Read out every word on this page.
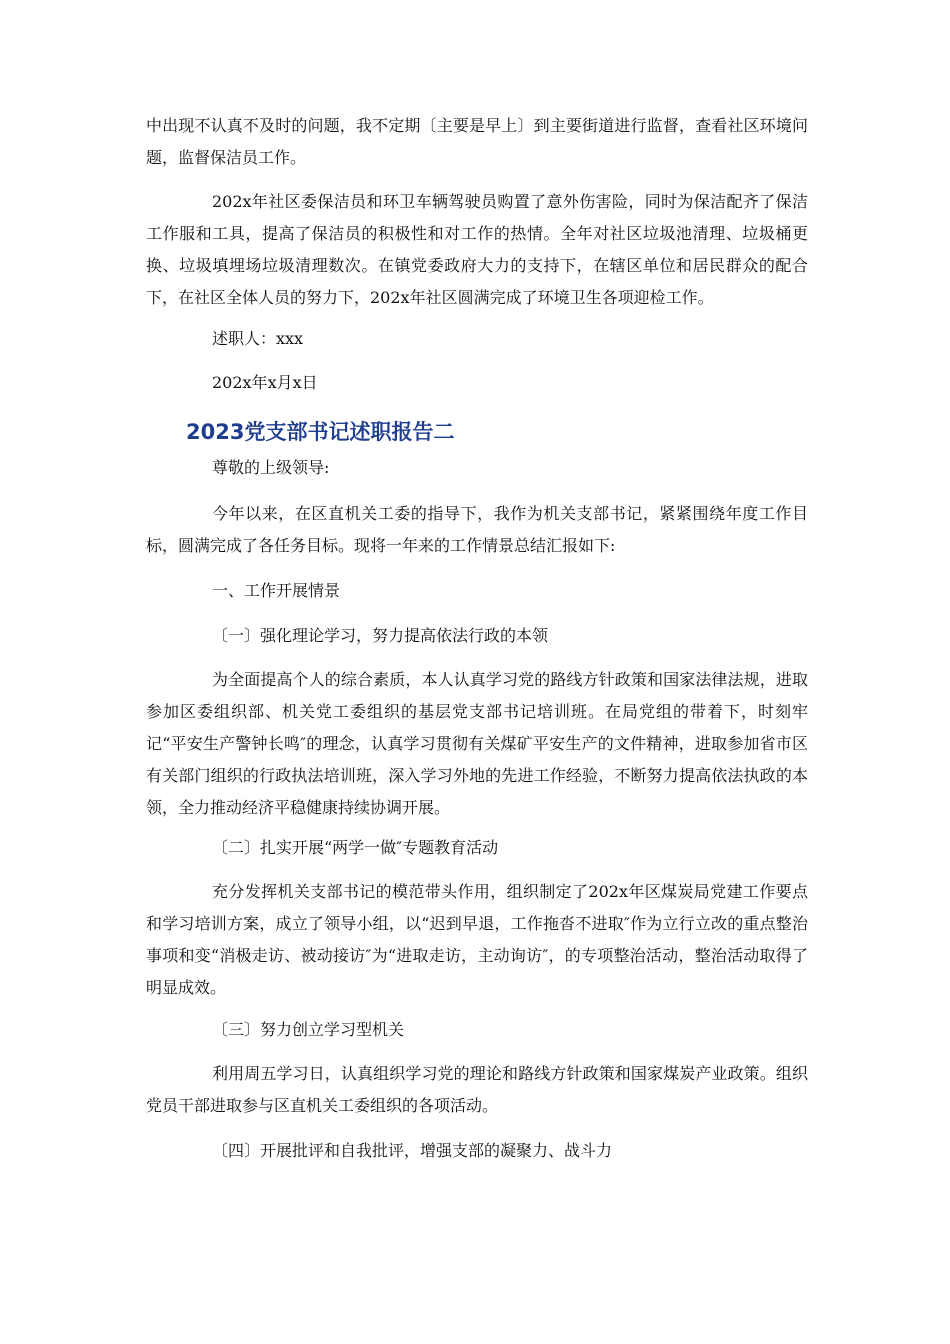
中出现不认真不及时的问题，我不定期〔主要是早上〕到主要街道进行监督，查看社区环境问题，监督保洁员工作。

202x年社区委保洁员和环卫车辆驾驶员购置了意外伤害险，同时为保洁配齐了保洁工作服和工具，提高了保洁员的积极性和对工作的热情。全年对社区垃圾池清理、垃圾桶更换、垃圾填埋场垃圾清理数次。在镇党委政府大力的支持下，在辖区单位和居民群众的配合下，在社区全体人员的努力下，202x年社区圆满完成了环境卫生各项迎检工作。

述职人：xxx

202x年x月x日

2023党支部书记述职报告二

尊敬的上级领导:

今年以来，在区直机关工委的指导下，我作为机关支部书记，紧紧围绕年度工作目标，圆满完成了各任务目标。现将一年来的工作情景总结汇报如下:

一、工作开展情景

〔一〕强化理论学习，努力提高依法行政的本领

为全面提高个人的综合素质，本人认真学习党的路线方针政策和国家法律法规，进取参加区委组织部、机关党工委组织的基层党支部书记培训班。在局党组的带着下，时刻牢记“平安生产警钟长鸣″的理念，认真学习贯彻有关煤矿平安生产的文件精神，进取参加省市区有关部门组织的行政执法培训班，深入学习外地的先进工作经验，不断努力提高依法执政的本领，全力推动经济平稳健康持续协调开展。

〔二〕扎实开展“两学一做″专题教育活动

充分发挥机关支部书记的模范带头作用，组织制定了202x年区煤炭局党建工作要点和学习培训方案，成立了领导小组，以“迟到早退，工作拖沓不进取″作为立行立改的重点整治事项和变“消极走访、被动接访″为“进取走访，主动询访″，的专项整治活动，整治活动取得了明显成效。

〔三〕努力创立学习型机关

利用周五学习日，认真组织学习党的理论和路线方针政策和国家煤炭产业政策。组织党员干部进取参与区直机关工委组织的各项活动。

〔四〕开展批评和自我批评，增强支部的凝聚力、战斗力
